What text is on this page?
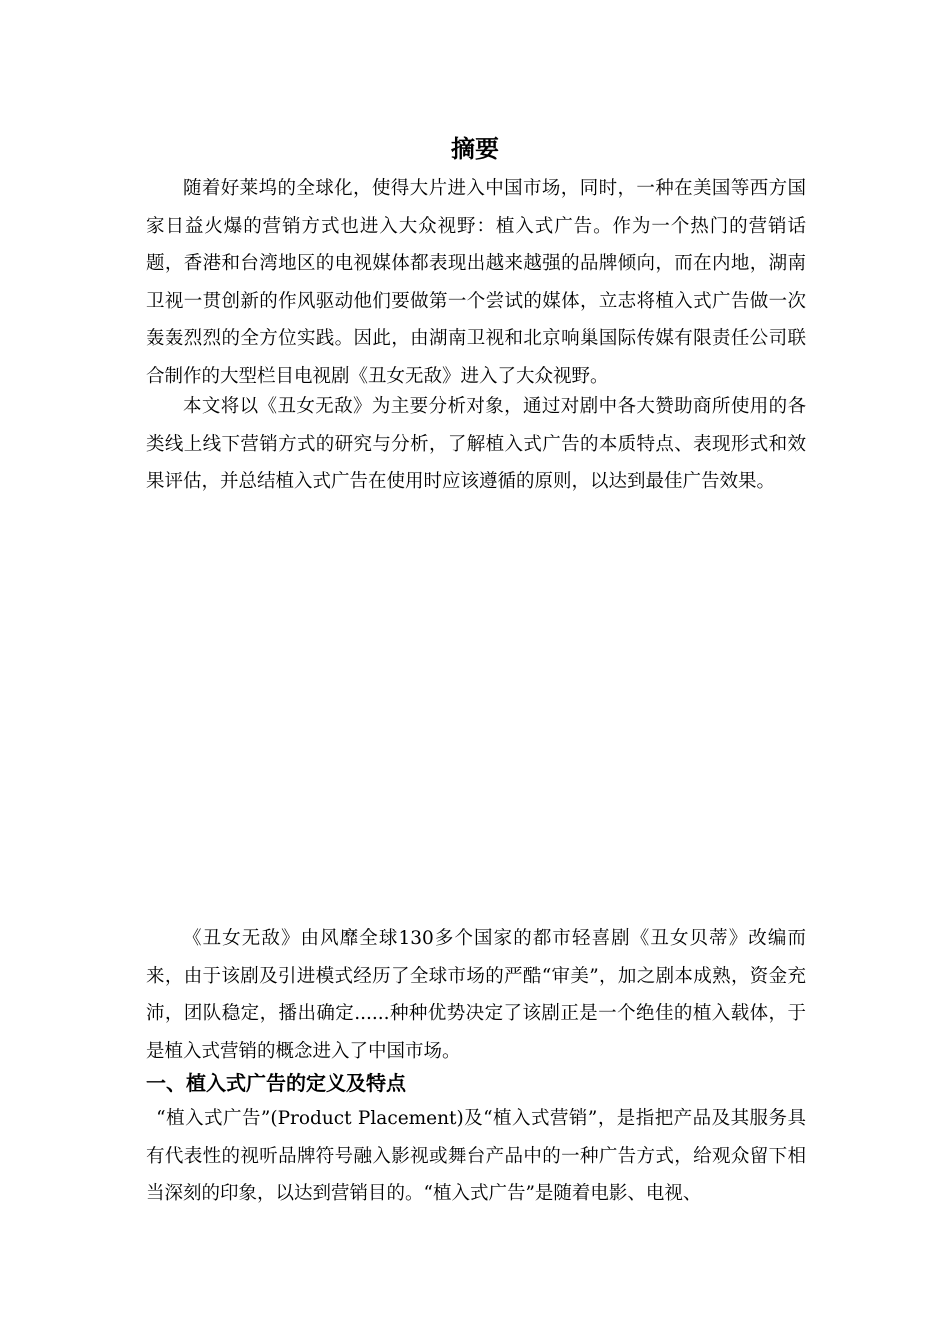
摘要

随着好莱坞的全球化，使得大片进入中国市场，同时，一种在美国等西方国家日益火爆的营销方式也进入大众视野：植入式广告。作为一个热门的营销话题，香港和台湾地区的电视媒体都表现出越来越强的品牌倾向，而在内地，湖南卫视一贯创新的作风驱动他们要做第一个尝试的媒体，立志将植入式广告做一次轰轰烈烈的全方位实践。因此，由湖南卫视和北京响巢国际传媒有限责任公司联合制作的大型栏目电视剧《丑女无敌》进入了大众视野。

本文将以《丑女无敌》为主要分析对象，通过对剧中各大赞助商所使用的各类线上线下营销方式的研究与分析，了解植入式广告的本质特点、表现形式和效果评估，并总结植入式广告在使用时应该遵循的原则，以达到最佳广告效果。

《丑女无敌》由风靡全球130多个国家的都市轻喜剧《丑女贝蒂》改编而来，由于该剧及引进模式经历了全球市场的严酷“审美”，加之剧本成熟，资金充沛，团队稳定，播出确定......种种优势决定了该剧正是一个绝佳的植入载体，于是植入式营销的概念进入了中国市场。

一、植入式广告的定义及特点

“植入式广告”(Product Placement)及“植入式营销”，是指把产品及其服务具有代表性的视听品牌符号融入影视或舞台产品中的一种广告方式，给观众留下相当深刻的印象，以达到营销目的。“植入式广告”是随着电影、电视、
